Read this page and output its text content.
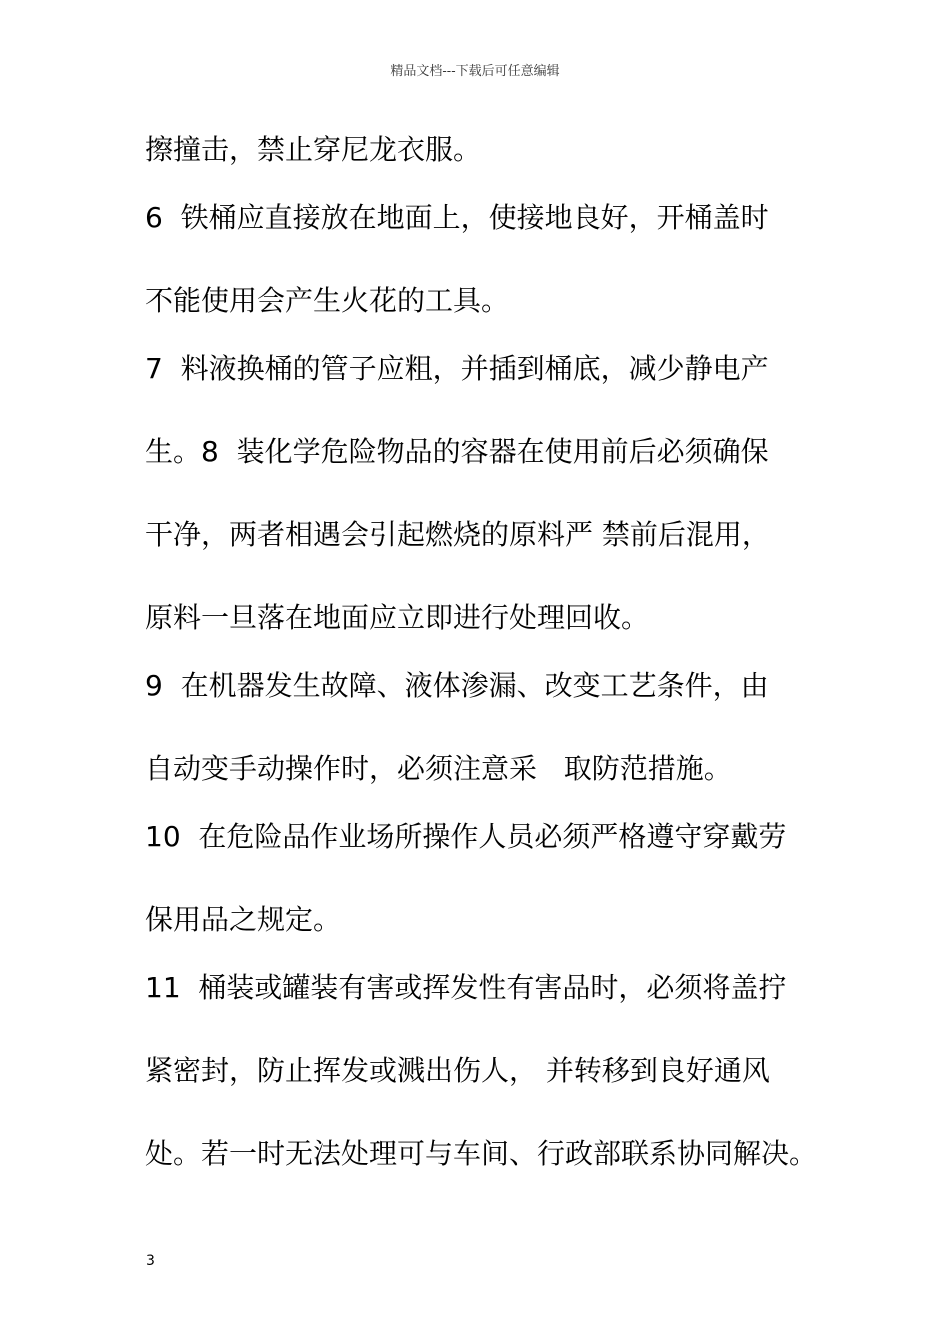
精品文档---下载后可任意编辑
擦撞击，禁止穿尼龙衣服。
6  铁桶应直接放在地面上，使接地良好，开桶盖时
不能使用会产生火花的工具。
7  料液换桶的管子应粗，并插到桶底，减少静电产
生。8  装化学危险物品的容器在使用前后必须确保
干净，两者相遇会引起燃烧的原料严 禁前后混用，
原料一旦落在地面应立即进行处理回收。
9  在机器发生故障、液体渗漏、改变工艺条件，由
自动变手动操作时，必须注意采   取防范措施。
10  在危险品作业场所操作人员必须严格遵守穿戴劳
保用品之规定。
11  桶装或罐装有害或挥发性有害品时，必须将盖拧
紧密封，防止挥发或溅出伤人， 并转移到良好通风
处。若一时无法处理可与车间、行政部联系协同解决。
3
